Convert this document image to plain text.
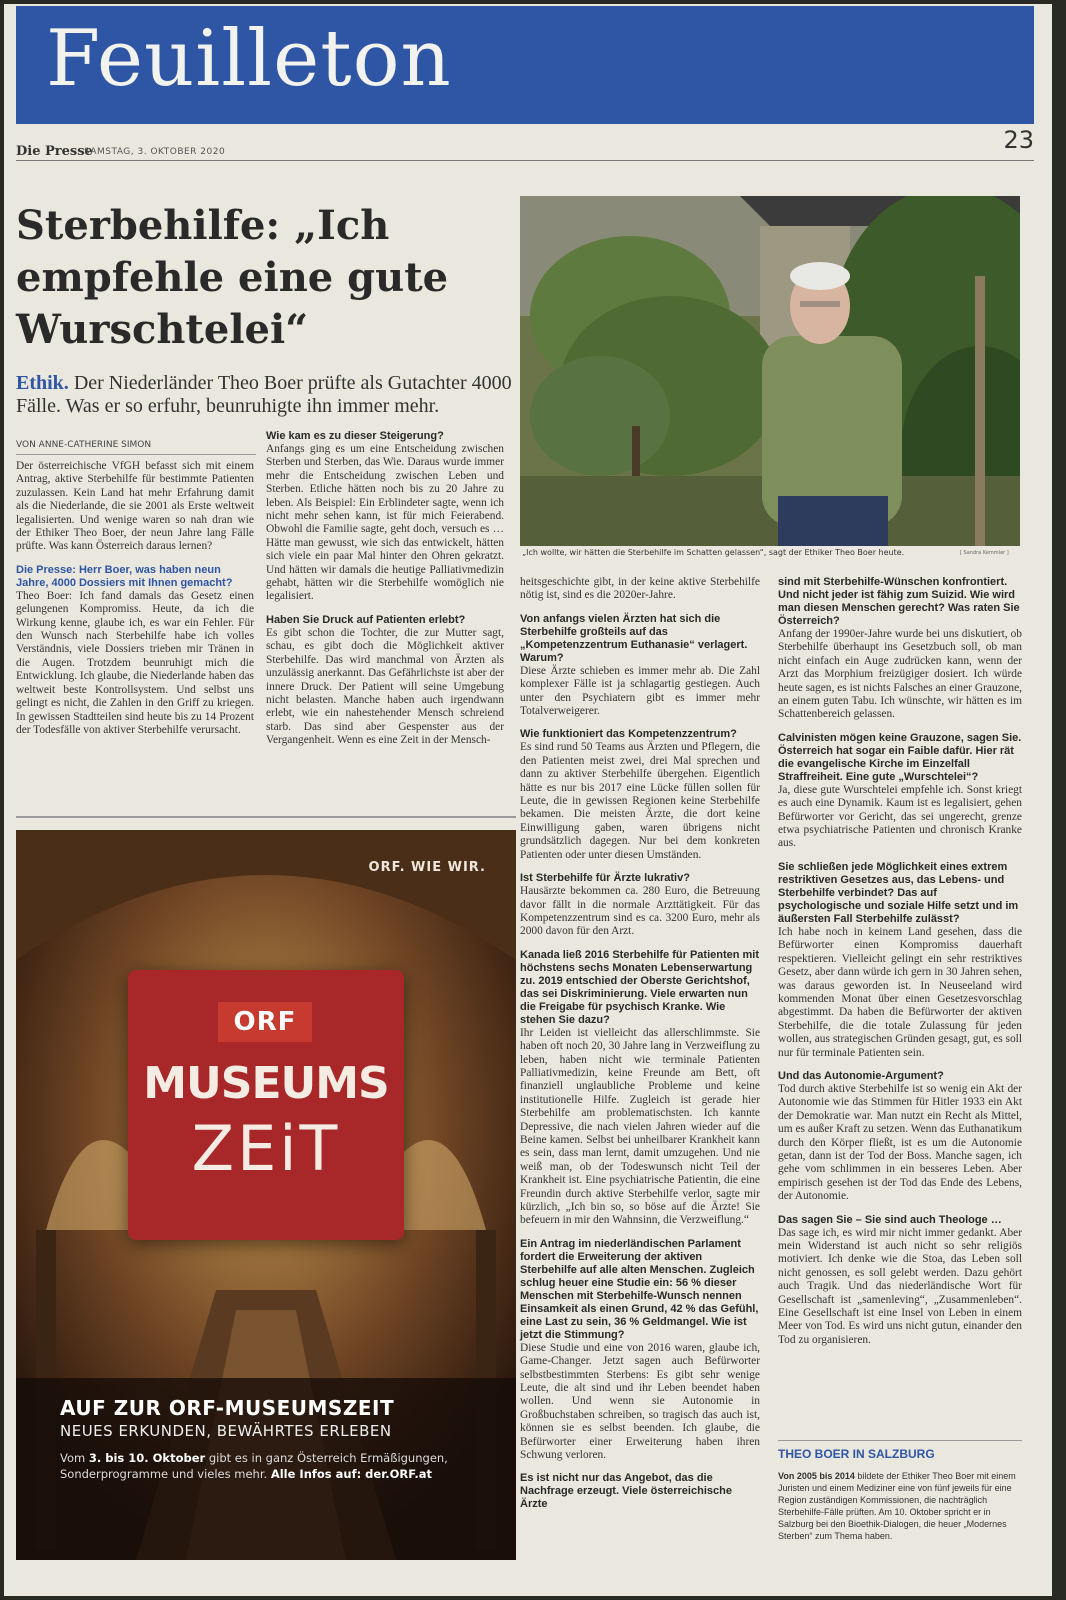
Feuilleton
Die Presse
SAMSTAG, 3. OKTOBER 2020	23
Sterbehilfe: „Ich empfehle eine gute Wurschtelei“
Ethik. Der Niederländer Theo Boer prüfte als Gutachter 4000 Fälle. Was er so erfuhr, beunruhigte ihn immer mehr.
VON ANNE-CATHERINE SIMON

Der österreichische VfGH befasst sich mit einem Antrag, aktive Sterbehilfe für bestimmte Patienten zuzulassen. Kein Land hat mehr Erfahrung damit als die Niederlande, die sie 2001 als Erste weltweit legalisierten. Und wenige waren so nah dran wie der Ethiker Theo Boer, der neun Jahre lang Fälle prüfte. Was kann Österreich daraus lernen?

Die Presse: Herr Boer, was haben neun Jahre, 4000 Dossiers mit Ihnen gemacht?

Theo Boer: Ich fand damals das Gesetz einen gelungenen Kompromiss. Heute, da ich die Wirkung kenne, glaube ich, es war ein Fehler. Für den Wunsch nach Sterbehilfe habe ich volles Verständnis, viele Dossiers trieben mir Tränen in die Augen. Trotzdem beunruhigt mich die Entwicklung. Ich glaube, die Niederlande haben das weltweit beste Kontrollsystem. Und selbst uns gelingt es nicht, die Zahlen in den Griff zu kriegen. In gewissen Stadtteilen sind heute bis zu 14 Prozent der Todesfälle von aktiver Sterbehilfe verursacht.

Wie kam es zu dieser Steigerung?

Anfangs ging es um eine Entscheidung zwischen Sterben und Sterben, das Wie. Daraus wurde immer mehr die Entscheidung zwischen Leben und Sterben. Etliche hätten noch bis zu 20 Jahre zu leben. Als Beispiel: Ein Erblindeter sagte, wenn ich nicht mehr sehen kann, ist für mich Feierabend. Obwohl die Familie sagte, geht doch, versuch es … Hätte man gewusst, wie sich das entwickelt, hätten sich viele ein paar Mal hinter den Ohren gekratzt. Und hätten wir damals die heutige Palliativmedizin gehabt, hätten wir die Sterbehilfe womöglich nie legalisiert.

Haben Sie Druck auf Patienten erlebt?

Es gibt schon die Tochter, die zur Mutter sagt, schau, es gibt doch die Möglichkeit aktiver Sterbehilfe. Das wird manchmal von Ärzten als unzulässig anerkannt. Das Gefährlichste ist aber der innere Druck. Der Patient will seine Umgebung nicht belasten. Manche haben auch irgendwann erlebt, wie ein nahestehender Mensch schreiend starb. Das sind aber Gespenster aus der Vergangenheit. Wenn es eine Zeit in der Mensch-

„Ich wollte, wir hätten die Sterbehilfe im Schatten gelassen“, sagt der Ethiker Theo Boer heute.	[ Sandra Kemmler ]

heitsgeschichte gibt, in der keine aktive Sterbehilfe nötig ist, sind es die 2020er-Jahre.

Von anfangs vielen Ärzten hat sich die Sterbehilfe großteils auf das „Kompetenzzentrum Euthanasie“ verlagert. Warum?

Diese Ärzte schieben es immer mehr ab. Die Zahl komplexer Fälle ist ja schlagartig gestiegen. Auch unter den Psychiatern gibt es immer mehr Totalverweigerer.

Wie funktioniert das Kompetenzzentrum?

Es sind rund 50 Teams aus Ärzten und Pflegern, die den Patienten meist zwei, drei Mal sprechen und dann zu aktiver Sterbehilfe übergehen. Eigentlich hätte es nur bis 2017 eine Lücke füllen sollen für Leute, die in gewissen Regionen keine Sterbehilfe bekamen. Die meisten Ärzte, die dort keine Einwilligung gaben, waren übrigens nicht grundsätzlich dagegen. Nur bei dem konkreten Patienten oder unter diesen Umständen.

Ist Sterbehilfe für Ärzte lukrativ?

Hausärzte bekommen ca. 280 Euro, die Betreuung davor fällt in die normale Arzttätigkeit. Für das Kompetenzzentrum sind es ca. 3200 Euro, mehr als 2000 davon für den Arzt.

Kanada ließ 2016 Sterbehilfe für Patienten mit höchstens sechs Monaten Lebenserwartung zu. 2019 entschied der Oberste Gerichtshof, das sei Diskriminierung. Viele erwarten nun die Freigabe für psychisch Kranke. Wie stehen Sie dazu?

Ihr Leiden ist vielleicht das allerschlimmste. Sie haben oft noch 20, 30 Jahre lang in Verzweiflung zu leben, haben nicht wie terminale Patienten Palliativmedizin, keine Freunde am Bett, oft finanziell unglaubliche Probleme und keine institutionelle Hilfe. Zugleich ist gerade hier Sterbehilfe am problematischsten. Ich kannte Depressive, die nach vielen Jahren wieder auf die Beine kamen. Selbst bei unheilbarer Krankheit kann es sein, dass man lernt, damit umzugehen. Und nie weiß man, ob der Todeswunsch nicht Teil der Krankheit ist. Eine psychiatrische Patientin, die eine Freundin durch aktive Sterbehilfe verlor, sagte mir kürzlich, „Ich bin so, so böse auf die Ärzte! Sie befeuern in mir den Wahnsinn, die Verzweiflung.“

Ein Antrag im niederländischen Parlament fordert die Erweiterung der aktiven Sterbehilfe auf alle alten Menschen. Zugleich schlug heuer eine Studie ein: 56 % dieser Menschen mit Sterbehilfe-Wunsch nennen Einsamkeit als einen Grund, 42 % das Gefühl, eine Last zu sein, 36 % Geldmangel. Wie ist jetzt die Stimmung?

Diese Studie und eine von 2016 waren, glaube ich, Game-Changer. Jetzt sagen auch Befürworter selbstbestimmten Sterbens: Es gibt sehr wenige Leute, die alt sind und ihr Leben beendet haben wollen. Und wenn sie Autonomie in Großbuchstaben schreiben, so tragisch das auch ist, können sie es selbst beenden. Ich glaube, die Befürworter einer Erweiterung haben ihren Schwung verloren.

Es ist nicht nur das Angebot, das die Nachfrage erzeugt. Viele österreichische Ärzte
sind mit Sterbehilfe-Wünschen konfrontiert. Und nicht jeder ist fähig zum Suizid. Wie wird man diesen Menschen gerecht? Was raten Sie Österreich?

Anfang der 1990er-Jahre wurde bei uns diskutiert, ob Sterbehilfe überhaupt ins Gesetzbuch soll, ob man nicht einfach ein Auge zudrücken kann, wenn der Arzt das Morphium freizügiger dosiert. Ich würde heute sagen, es ist nichts Falsches an einer Grauzone, an einem guten Tabu. Ich wünschte, wir hätten es im Schattenbereich gelassen.

Calvinisten mögen keine Grauzone, sagen Sie. Österreich hat sogar ein Faible dafür. Hier rät die evangelische Kirche im Einzelfall Straffreiheit. Eine gute „Wurschtelei“?

Ja, diese gute Wurschtelei empfehle ich. Sonst kriegt es auch eine Dynamik. Kaum ist es legalisiert, gehen Befürworter vor Gericht, das sei ungerecht, grenze etwa psychiatrische Patienten und chronisch Kranke aus.

Sie schließen jede Möglichkeit eines extrem restriktiven Gesetzes aus, das Lebens- und Sterbehilfe verbindet? Das auf psychologische und soziale Hilfe setzt und im äußersten Fall Sterbehilfe zulässt?

Ich habe noch in keinem Land gesehen, dass die Befürworter einen Kompromiss dauerhaft respektieren. Vielleicht gelingt ein sehr restriktives Gesetz, aber dann würde ich gern in 30 Jahren sehen, was daraus geworden ist. In Neuseeland wird kommenden Monat über einen Gesetzesvorschlag abgestimmt. Da haben die Befürworter der aktiven Sterbehilfe, die die totale Zulassung für jeden wollen, aus strategischen Gründen gesagt, gut, es soll nur für terminale Patienten sein.

Und das Autonomie-Argument?

Tod durch aktive Sterbehilfe ist so wenig ein Akt der Autonomie wie das Stimmen für Hitler 1933 ein Akt der Demokratie war. Man nutzt ein Recht als Mittel, um es außer Kraft zu setzen. Wenn das Euthanatikum durch den Körper fließt, ist es um die Autonomie getan, dann ist der Tod der Boss. Manche sagen, ich gehe vom schlimmen in ein besseres Leben. Aber empirisch gesehen ist der Tod das Ende des Lebens, der Autonomie.

Das sagen Sie – Sie sind auch Theologe …

Das sage ich, es wird mir nicht immer gedankt. Aber mein Widerstand ist auch nicht so sehr religiös motiviert. Ich denke wie die Stoa, das Leben soll nicht genossen, es soll gelebt werden. Dazu gehört auch Tragik. Und das niederländische Wort für Gesellschaft ist „samenleving“, „Zusammenleben“. Eine Gesellschaft ist eine Insel von Leben in einem Meer von Tod. Es wird uns nicht gutun, einander den Tod zu organisieren.

THEO BOER IN SALZBURG
Von 2005 bis 2014 bildete der Ethiker Theo Boer mit einem Juristen und einem Mediziner eine von fünf jeweils für eine Region zuständigen Kommissionen, die nachträglich Sterbehilfe-Fälle prüften. Am 10. Oktober spricht er in Salzburg bei den Bioethik-Dialogen, die heuer „Modernes Sterben“ zum Thema haben.
ORF. WIE WIR.
ORF
MUSEUMS
ZEiT
AUF ZUR ORF-MUSEUMSZEIT
NEUES ERKUNDEN, BEWÄHRTES ERLEBEN
Vom 3. bis 10. Oktober gibt es in ganz Österreich Ermäßigungen, Sonderprogramme und vieles mehr. Alle Infos auf: der.ORF.at
